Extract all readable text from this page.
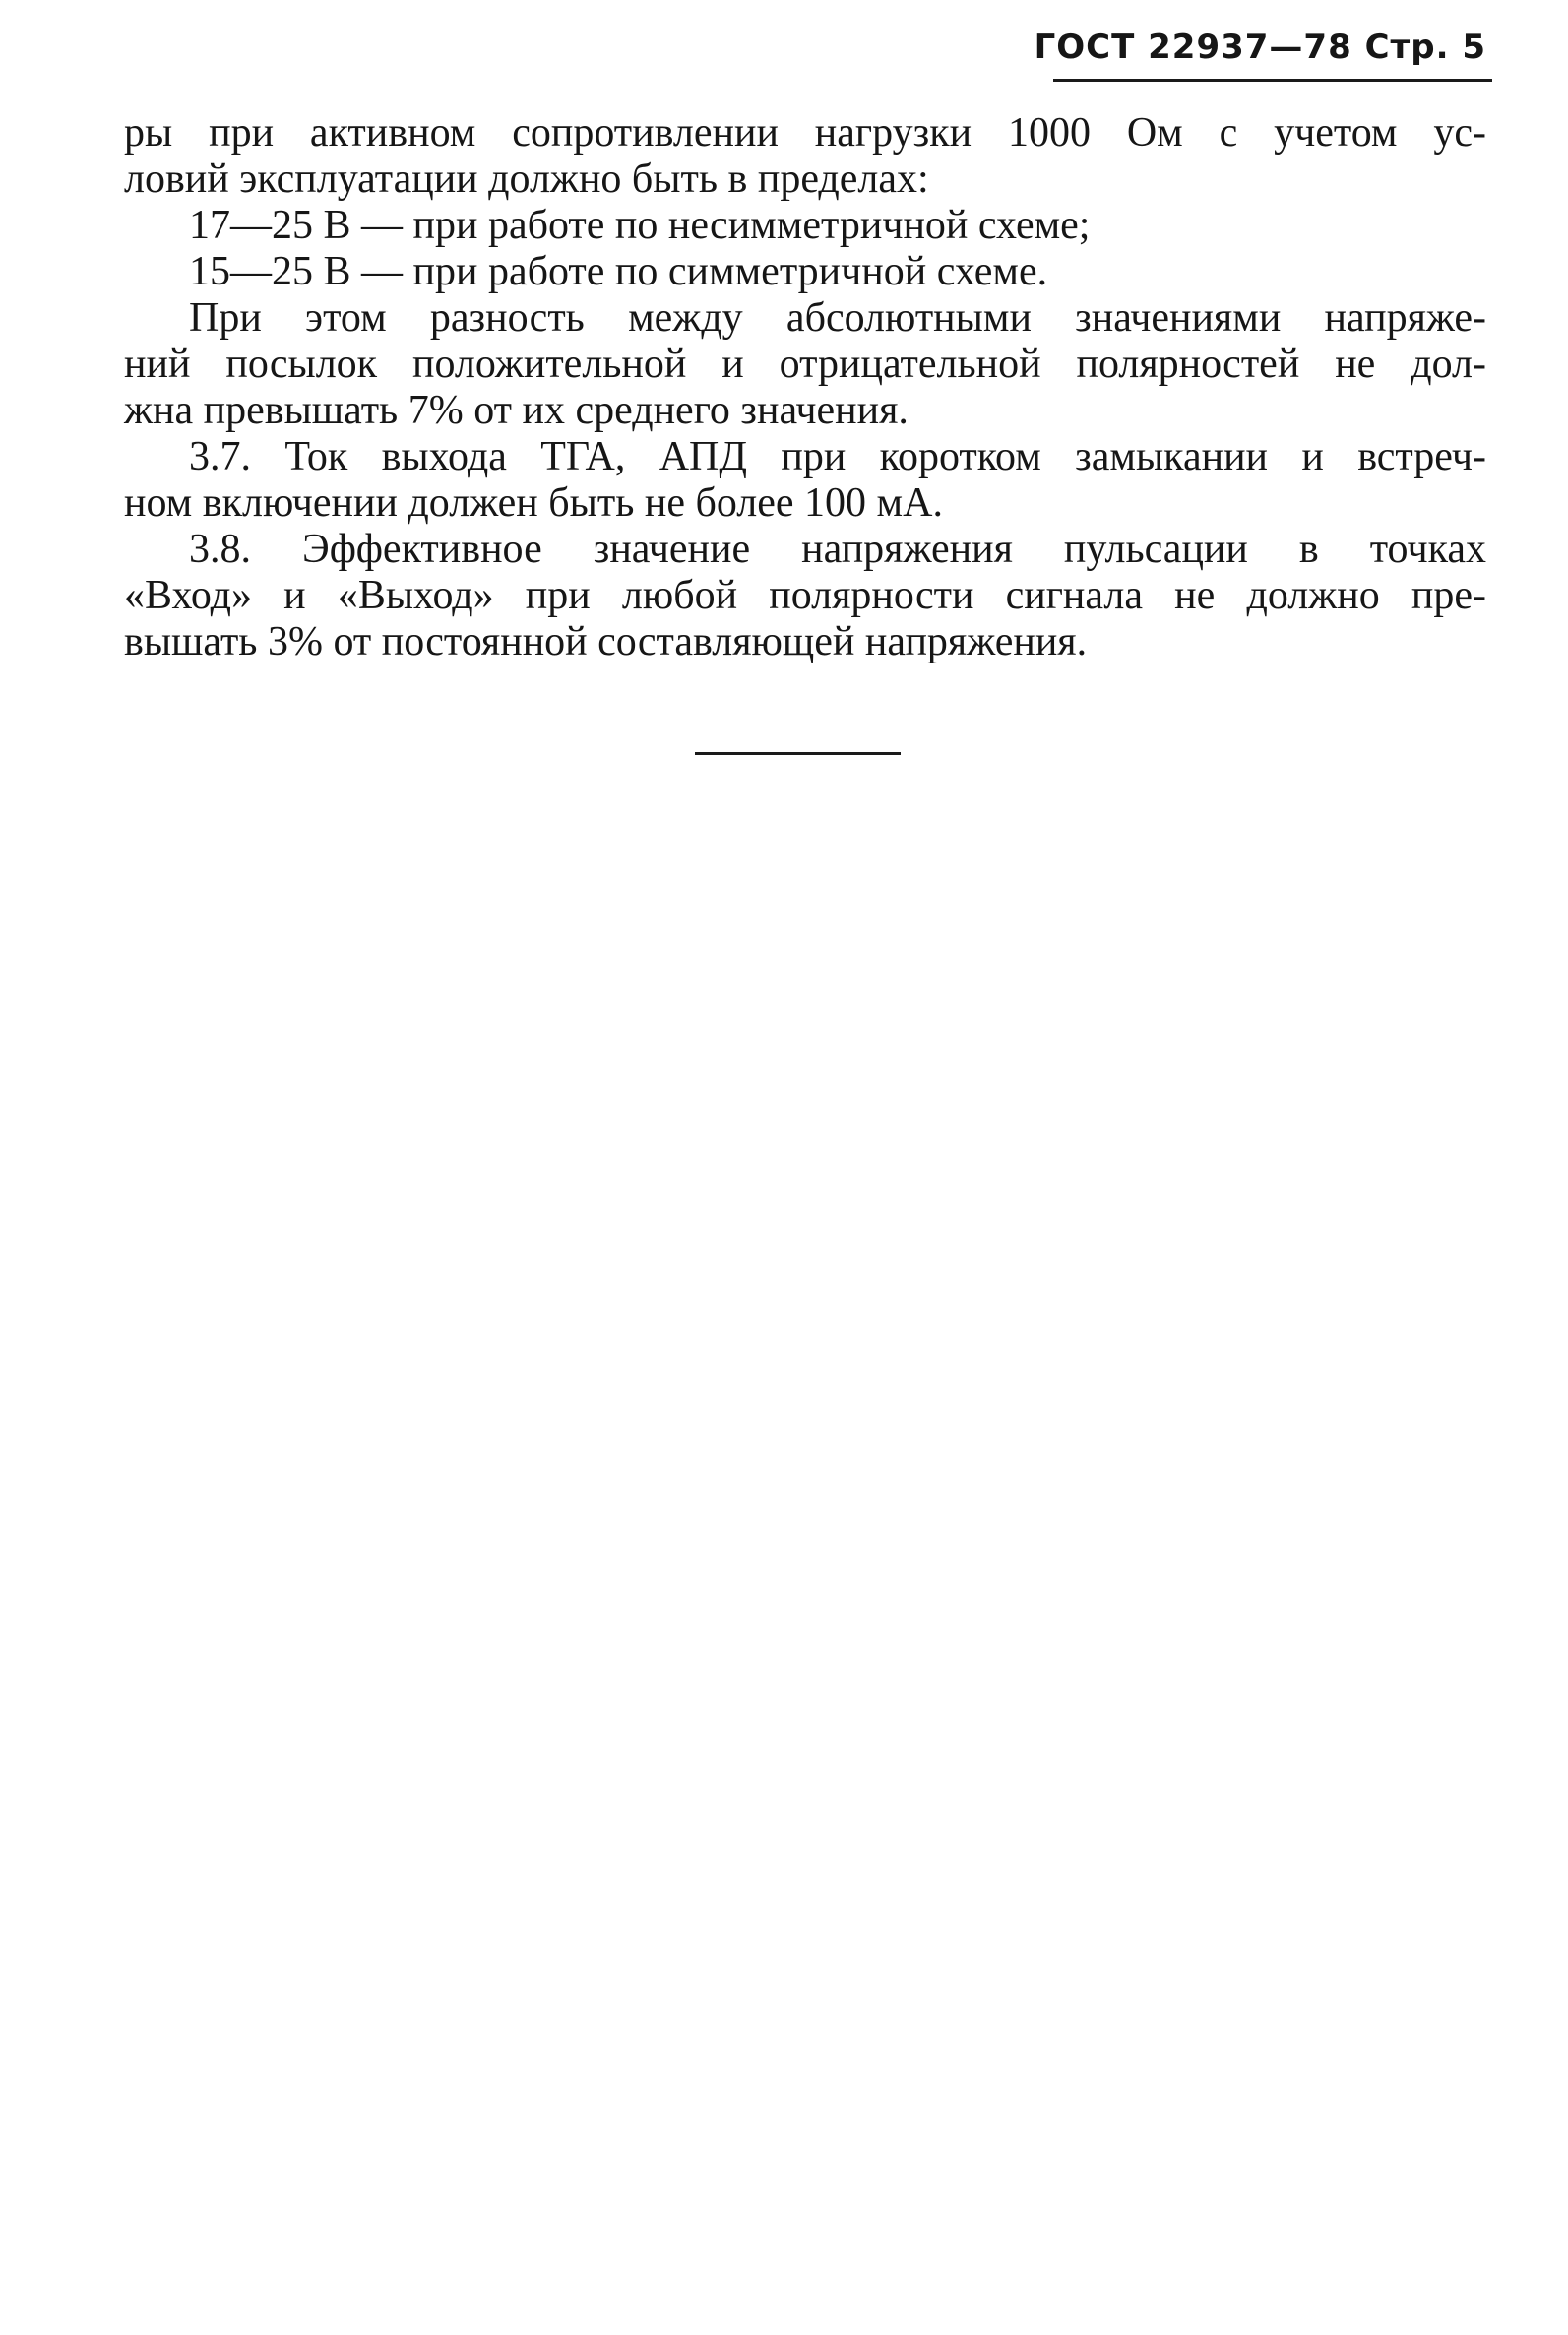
ГОСТ 22937—78 Стр. 5
ры при активном сопротивлении нагрузки 1000 Ом с учетом ус-
ловий эксплуатации должно быть в пределах:
17—25 В — при работе по несимметричной схеме;
15—25 В — при работе по симметричной схеме.
При этом разность между абсолютными значениями напряже-
ний посылок положительной и отрицательной полярностей не дол-
жна превышать 7% от их среднего значения.
3.7. Ток выхода ТГА, АПД при коротком замыкании и встреч-
ном включении должен быть не более 100 мА.
3.8. Эффективное значение напряжения пульсации в точках
«Вход» и «Выход» при любой полярности сигнала не должно пре-
вышать 3% от постоянной составляющей напряжения.
